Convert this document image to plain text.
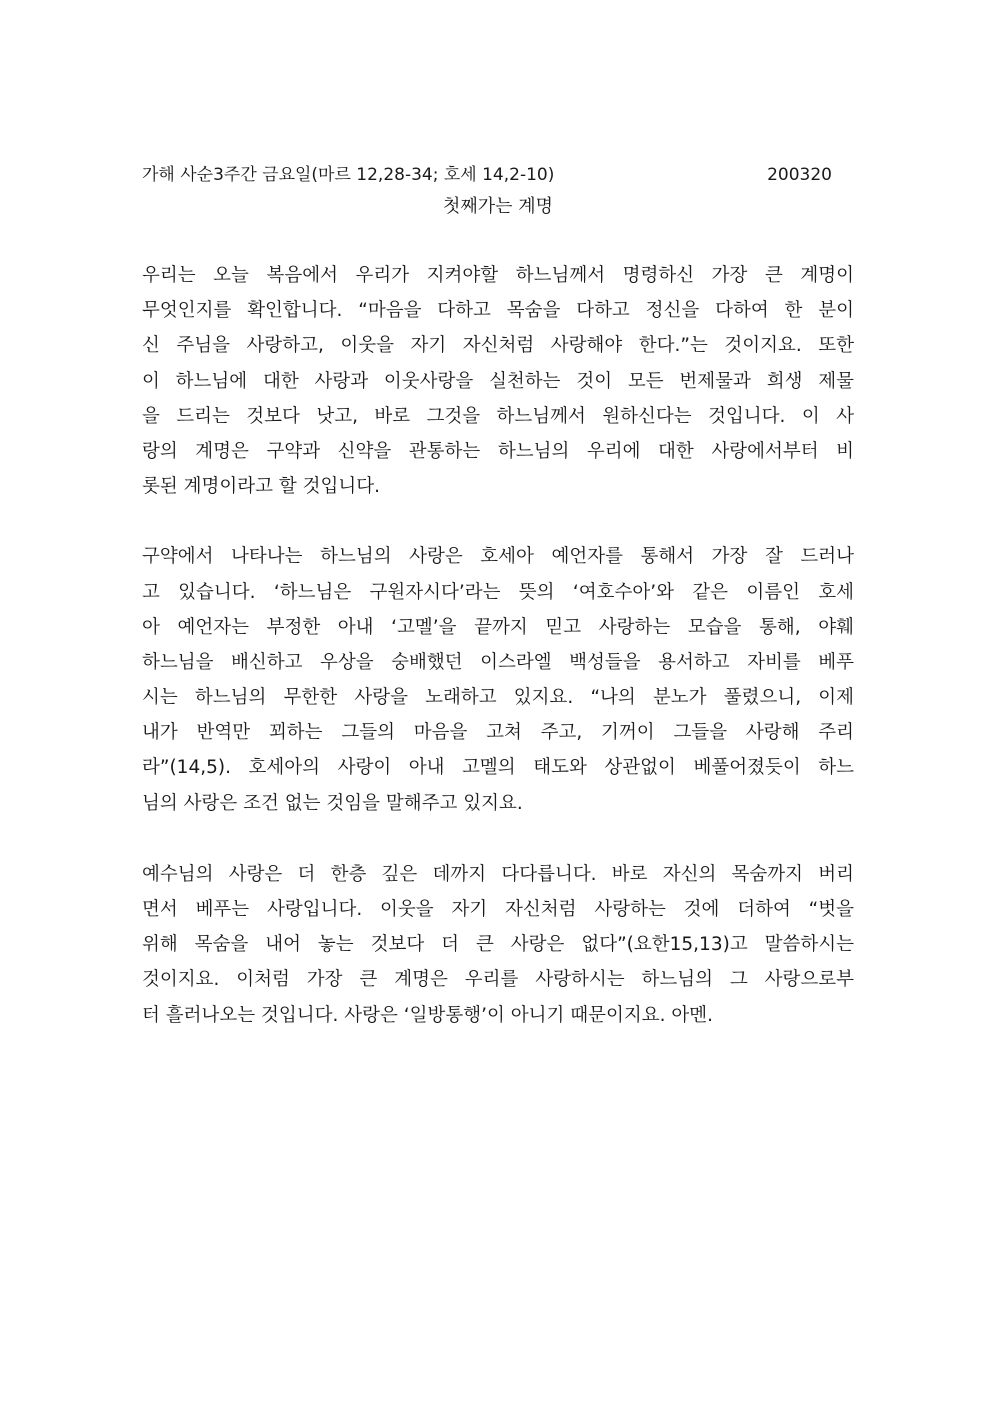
가해 사순3주간 금요일(마르 12,28-34; 호세 14,2-10)	200320
첫째가는 계명

우리는 오늘 복음에서 우리가 지켜야할 하느님께서 명령하신 가장 큰 계명이
무엇인지를 확인합니다. “마음을 다하고 목숨을 다하고 정신을 다하여 한 분이
신 주님을 사랑하고, 이웃을 자기 자신처럼 사랑해야 한다.”는 것이지요. 또한
이 하느님에 대한 사랑과 이웃사랑을 실천하는 것이 모든 번제물과 희생 제물
을 드리는 것보다 낫고, 바로 그것을 하느님께서 원하신다는 것입니다. 이 사
랑의 계명은 구약과 신약을 관통하는 하느님의 우리에 대한 사랑에서부터 비
롯된 계명이라고 할 것입니다.

구약에서 나타나는 하느님의 사랑은 호세아 예언자를 통해서 가장 잘 드러나
고 있습니다. ‘하느님은 구원자시다’라는 뜻의 ‘여호수아’와 같은 이름인 호세
아 예언자는 부정한 아내 ‘고멜’을 끝까지 믿고 사랑하는 모습을 통해, 야훼
하느님을 배신하고 우상을 숭배했던 이스라엘 백성들을 용서하고 자비를 베푸
시는 하느님의 무한한 사랑을 노래하고 있지요. “나의 분노가 풀렸으니, 이제
내가 반역만 꾀하는 그들의 마음을 고쳐 주고, 기꺼이 그들을 사랑해 주리
라”(14,5). 호세아의 사랑이 아내 고멜의 태도와 상관없이 베풀어졌듯이 하느
님의 사랑은 조건 없는 것임을 말해주고 있지요.

예수님의 사랑은 더 한층 깊은 데까지 다다릅니다. 바로 자신의 목숨까지 버리
면서 베푸는 사랑입니다. 이웃을 자기 자신처럼 사랑하는 것에 더하여 “벗을
위해 목숨을 내어 놓는 것보다 더 큰 사랑은 없다”(요한15,13)고 말씀하시는
것이지요. 이처럼 가장 큰 계명은 우리를 사랑하시는 하느님의 그 사랑으로부
터 흘러나오는 것입니다. 사랑은 ‘일방통행’이 아니기 때문이지요. 아멘.
